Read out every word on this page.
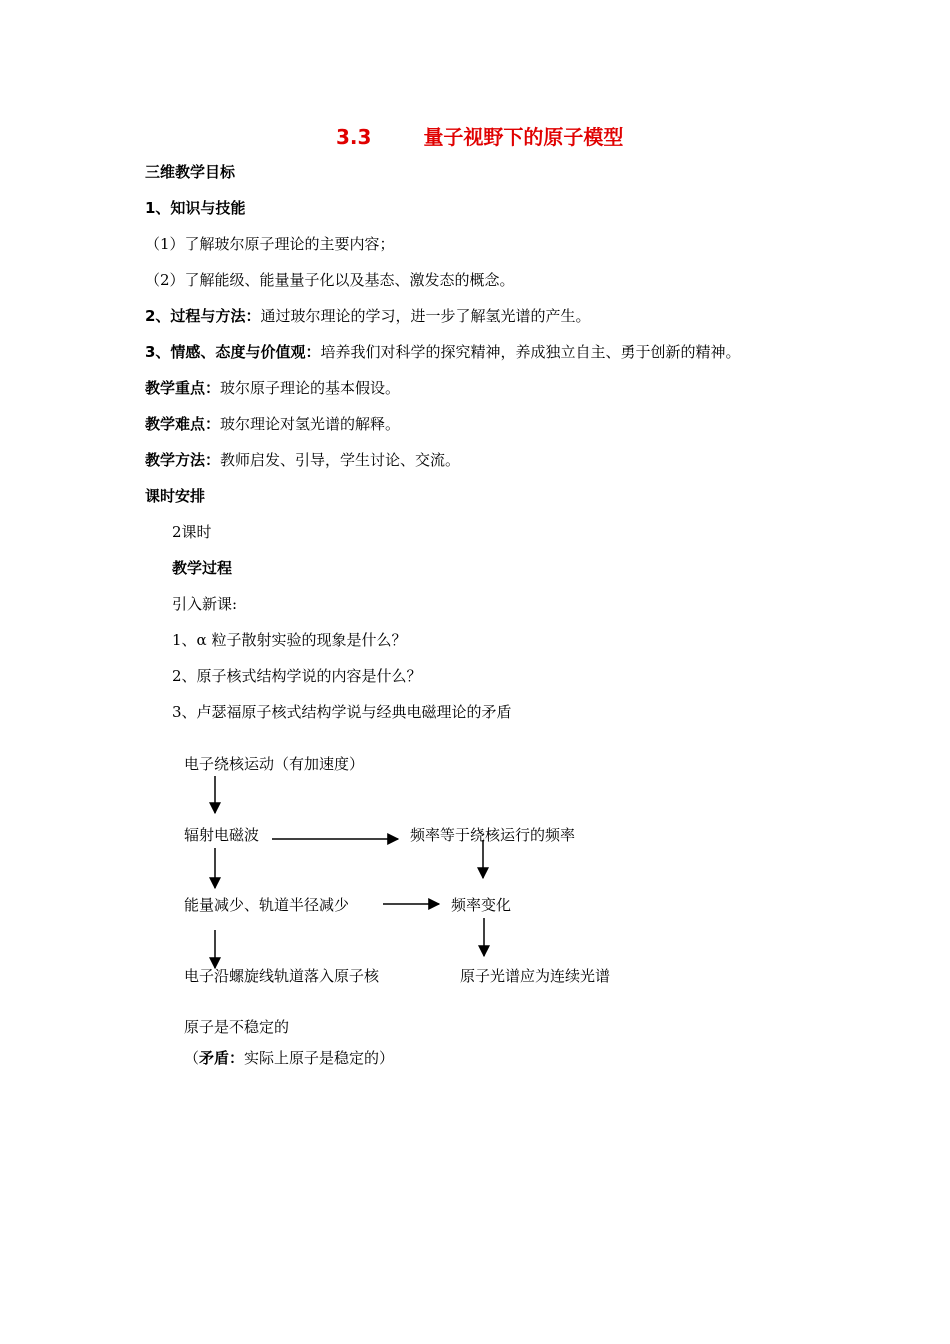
3.3	量子视野下的原子模型
三维教学目标
1、知识与技能
（1）了解玻尔原子理论的主要内容；
（2）了解能级、能量量子化以及基态、激发态的概念。
2、过程与方法：通过玻尔理论的学习，进一步了解氢光谱的产生。
3、情感、态度与价值观：培养我们对科学的探究精神，养成独立自主、勇于创新的精神。
教学重点：玻尔原子理论的基本假设。
教学难点：玻尔理论对氢光谱的解释。
教学方法：教师启发、引导，学生讨论、交流。
课时安排
2课时
教学过程
引入新课:
1、α 粒子散射实验的现象是什么？
2、原子核式结构学说的内容是什么？
3、卢瑟福原子核式结构学说与经典电磁理论的矛盾
电子绕核运动（有加速度）
辐射电磁波	频率等于绕核运行的频率
能量减少、轨道半径减少	频率变化
电子沿螺旋线轨道落入原子核	原子光谱应为连续光谱
原子是不稳定的
（矛盾：实际上原子是稳定的）
